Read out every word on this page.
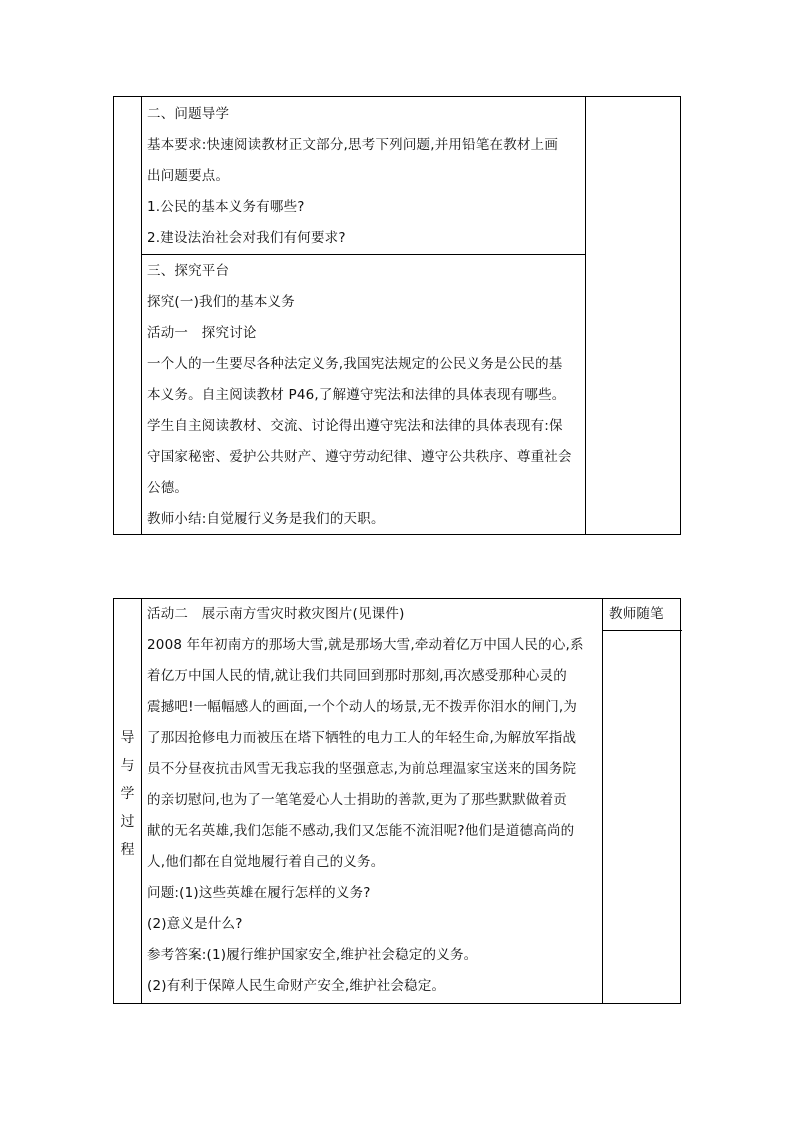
二、问题导学
基本要求:快速阅读教材正文部分,思考下列问题,并用铅笔在教材上画
出问题要点。
1.公民的基本义务有哪些?
2.建设法治社会对我们有何要求?
三、探究平台
探究(一)我们的基本义务
活动一　探究讨论
一个人的一生要尽各种法定义务,我国宪法规定的公民义务是公民的基
本义务。自主阅读教材 P46,了解遵守宪法和法律的具体表现有哪些。
学生自主阅读教材、交流、讨论得出遵守宪法和法律的具体表现有:保
守国家秘密、爱护公共财产、遵守劳动纪律、遵守公共秩序、尊重社会
公德。
教师小结:自觉履行义务是我们的天职。
导
与
学
过
程
活动二　展示南方雪灾时救灾图片(见课件)
2008 年年初南方的那场大雪,就是那场大雪,牵动着亿万中国人民的心,系
着亿万中国人民的情,就让我们共同回到那时那刻,再次感受那种心灵的
震撼吧!一幅幅感人的画面,一个个动人的场景,无不拨弄你泪水的闸门,为
了那因抢修电力而被压在塔下牺牲的电力工人的年轻生命,为解放军指战
员不分昼夜抗击风雪无我忘我的坚强意志,为前总理温家宝送来的国务院
的亲切慰问,也为了一笔笔爱心人士捐助的善款,更为了那些默默做着贡
献的无名英雄,我们怎能不感动,我们又怎能不流泪呢?他们是道德高尚的
人,他们都在自觉地履行着自己的义务。
问题:(1)这些英雄在履行怎样的义务?
(2)意义是什么?
参考答案:(1)履行维护国家安全,维护社会稳定的义务。
(2)有利于保障人民生命财产安全,维护社会稳定。
教师随笔
